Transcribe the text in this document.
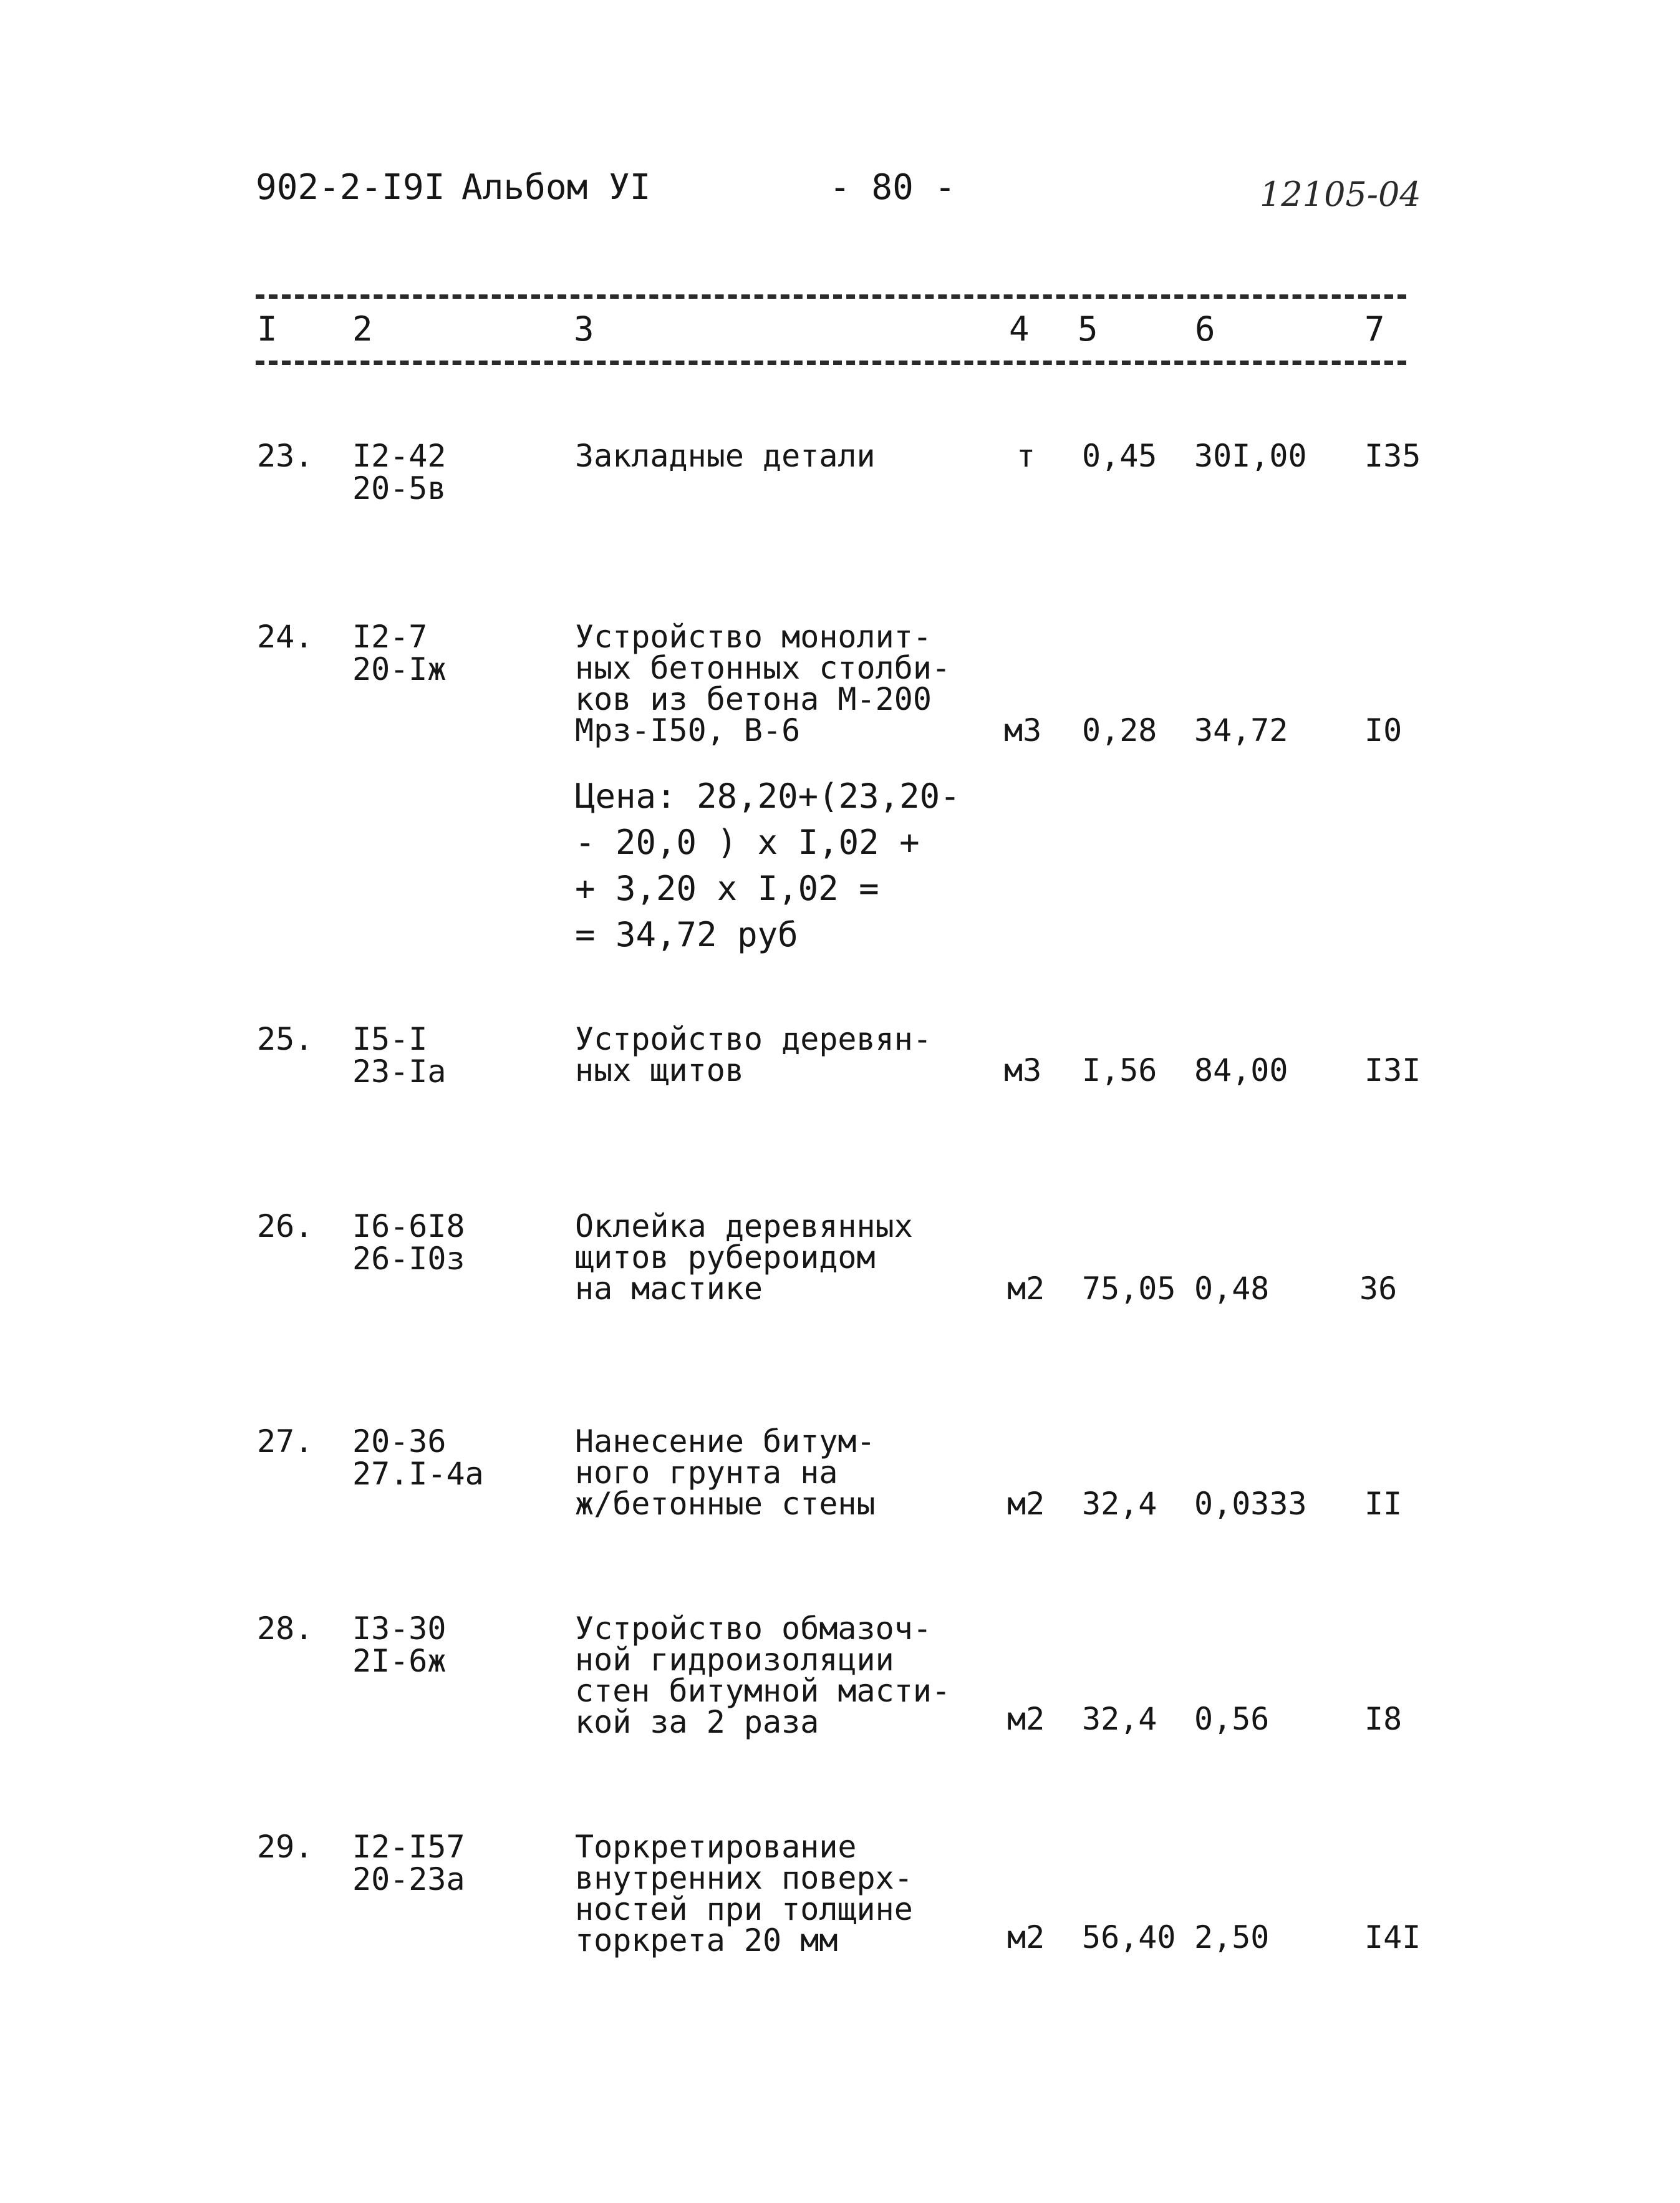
902-2-I9I Альбом УI	- 80 -	12105-04
I 2	3	4 5	6	7
23. I2-42
20-5в
Закладные детали	т 0,45 30I,00 I35
24. I2-7
20-Iж
Устройство монолит-
ных бетонных столби-
ков из бетона М-200
Мрз-I50, В-6	м3 0,28 34,72 I0
Цена: 28,20+(23,20-
- 20,0 ) х I,02 +
+ 3,20 х I,02 =
= 34,72 руб
25. I5-I
23-Iа
Устройство деревян-
ных щитов	м3 I,56 84,00 I3I
26. I6-6I8
26-I0з
Оклейка деревянных
щитов рубероидом
на мастике	м2 75,05 0,48	36
27. 20-36
27.I-4а
Нанесение битум-
ного грунта на
ж/бетонные стены	м2 32,4 0,0333 II
28. I3-30
2I-6ж
Устройство обмазоч-
ной гидроизоляции
стен битумной масти-
кой за 2 раза	м2 32,4 0,56	I8
29. I2-I57
20-23а
Торкретирование
внутренних поверх-
ностей при толщине
торкрета 20 мм	м2 56,40 2,50	I4I
